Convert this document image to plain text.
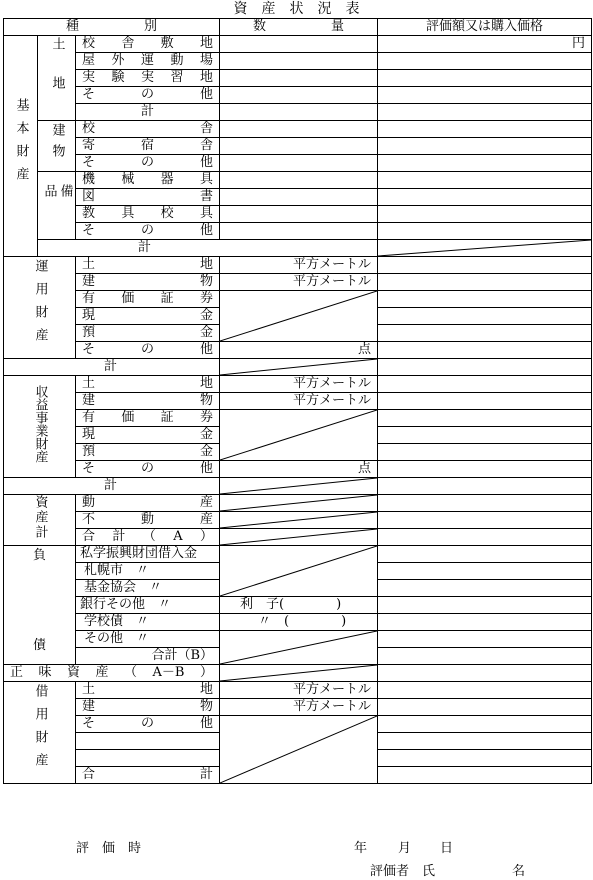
資　産　状　況　表
種　　　　　別			数　　　　　量	評価額又は購入価格	
基本財産	土地	校舎敷地		円	
		屋外運動場			
		実験実習地			
		その他			
		計			
	建物	校舎			
		寄宿舎			
		その他			
	備品	機械器具			
		図書			
		教具校具			
		その他			
	計	

運用財産		土地	平方メートル		
		建物	平方メートル		
		有価証券	

		現金			
		預金			
		その他	点		
計	

収益事業財産		土地	平方メートル		
		建物	平方メートル		
		有価証券	

		現金			
		預金			
		その他	点		
計	

資産計		動産	

		不動産	

		合計（A）	

負
債		私学振興財団借入金	

		札幌市　〃			
		基金協会　〃			
		銀行その他　〃	利　子(　　　　)		
		学校債　〃	〃　(　　　　)		
		その他　〃	

		合計（B）			
正味資産（A－B）	

借用財産		土地	平方メートル		
		建物	平方メートル		
		その他	

		合計			
評　価　時	年 月 日
評価者　氏	名
